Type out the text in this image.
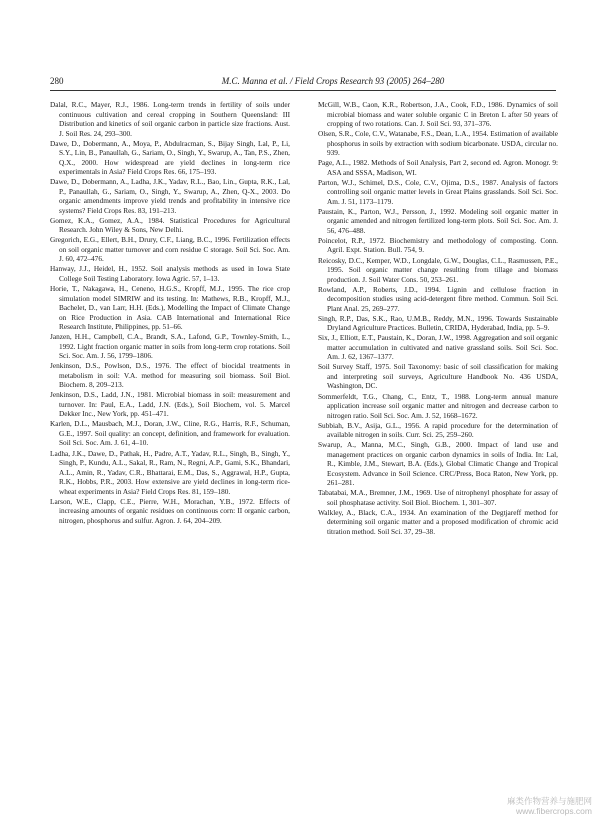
280	M.C. Manna et al. / Field Crops Research 93 (2005) 264–280

Dalal, R.C., Mayer, R.J., 1986. Long-term trends in fertility of soils under continuous cultivation and cereal cropping in Southern Queensland: III Distribution and kinetics of soil organic carbon in particle size fractions. Aust. J. Soil Res. 24, 293–300.

Dawe, D., Dobermann, A., Moya, P., Abdulracman, S., Bijay Singh, Lal, P., Li, S.Y., Lin, B., Panaullah, G., Sariam, O., Singh, Y., Swarup, A., Tan, P.S., Zhen, Q.X., 2000. How widespread are yield declines in long-term rice experimentals in Asia? Field Crops Res. 66, 175–193.

Dawe, D., Dobermann, A., Ladha, J.K., Yadav, R.L., Bao, Lin., Gupta, R.K., Lal, P., Panaullah, G., Sariam, O., Singh, Y., Swarup, A., Zhen, Q-X., 2003. Do organic amendments improve yield trends and profitability in intensive rice systems? Field Crops Res. 83, 191–213.

Gomez, K.A., Gomez, A.A., 1984. Statistical Procedures for Agricultural Research. John Wiley & Sons, New Delhi.

Gregorich, E.G., Ellert, B.H., Drury, C.F., Liang, B.C., 1996. Fertilization effects on soil organic matter turnover and corn residue C storage. Soil Sci. Soc. Am. J. 60, 472–476.

Hanway, J.J., Heidel, H., 1952. Soil analysis methods as used in Iowa State College Soil Testing Laboratory. Iowa Agric. 57, 1–13.

Horie, T., Nakagawa, H., Ceneno, H.G.S., Kropff, M.J., 1995. The rice crop simulation model SIMRIW and its testing. In: Mathews, R.B., Kropff, M.J., Bachelet, D., van Larr, H.H. (Eds.), Modelling the Impact of Climate Change on Rice Production in Asia. CAB International and International Rice Research Institute, Philippines, pp. 51–66.

Janzen, H.H., Campbell, C.A., Brandt, S.A., Lafond, G.P., Townley-Smith, L., 1992. Light fraction organic matter in soils from long-term crop rotations. Soil Sci. Soc. Am. J. 56, 1799–1806.

Jenkinson, D.S., Powlson, D.S., 1976. The effect of biocidal treatments in metabolism in soil: V.A. method for measuring soil biomass. Soil Biol. Biochem. 8, 209–213.

Jenkinson, D.S., Ladd, J.N., 1981. Microbial biomass in soil: measurement and turnover. In: Paul, E.A., Ladd, J.N. (Eds.), Soil Biochem, vol. 5. Marcel Dekker Inc., New York, pp. 451–471.

Karlen, D.L., Mausbach, M.J., Doran, J.W., Cline, R.G., Harris, R.F., Schuman, G.E., 1997. Soil quality: an concept, definition, and framework for evaluation. Soil Sci. Soc. Am. J. 61, 4–10.

Ladha, J.K., Dawe, D., Pathak, H., Padre, A.T., Yadav, R.L., Singh, B., Singh, Y., Singh, P., Kundu, A.L., Sakal, R., Ram, N., Regni, A.P., Gami, S.K., Bhandari, A.L., Amin, R., Yadav, C.R., Bhattarai, E.M., Das, S., Aggrawal, H.P., Gupta, R.K., Hobbs, P.R., 2003. How extensive are yield declines in long-term rice-wheat experiments in Asia? Field Crops Res. 81, 159–180.

Larson, W.E., Clapp, C.E., Pierre, W.H., Morachan, Y.B., 1972. Effects of increasing amounts of organic residues on continuous corn: II organic carbon, nitrogen, phosphorus and sulfur. Agron. J. 64, 204–209.

McGill, W.B., Caon, K.R., Robertson, J.A., Cook, F.D., 1986. Dynamics of soil microbial biomass and water soluble organic C in Breton L after 50 years of cropping of two rotations. Can. J. Soil Sci. 93, 371–376.

Olsen, S.R., Cole, C.V., Watanabe, F.S., Dean, L.A., 1954. Estimation of available phosphorus in soils by extraction with sodium bicarbonate. USDA, circular no. 939.

Page, A.L., 1982. Methods of Soil Analysis, Part 2, second ed. Agron. Monogr. 9: ASA and SSSA, Madison, WI.

Parton, W.J., Schimel, D.S., Cole, C.V., Ojima, D.S., 1987. Analysis of factors controlling soil organic matter levels in Great Plains grasslands. Soil Sci. Soc. Am. J. 51, 1173–1179.

Paustain, K., Parton, W.J., Persson, J., 1992. Modeling soil organic matter in organic amended and nitrogen fertilized long-term plots. Soil Sci. Soc. Am. J. 56, 476–488.

Poincelot, R.P., 1972. Biochemistry and methodology of composting. Conn. Agril. Expt. Station. Bull. 754, 9.

Reicosky, D.C., Kemper, W.D., Longdale, G.W., Douglas, C.L., Rasmussen, P.E., 1995. Soil organic matter change resulting from tillage and biomass production. J. Soil Water Cons. 50, 253–261.

Rowland, A.P., Roberts, J.D., 1994. Lignin and cellulose fraction in decomposition studies using acid-detergent fibre method. Commun. Soil Sci. Plant Anal. 25, 269–277.

Singh, R.P., Das, S.K., Rao, U.M.B., Reddy, M.N., 1996. Towards Sustainable Dryland Agriculture Practices. Bulletin, CRIDA, Hyderabad, India, pp. 5–9.

Six, J., Elliott, E.T., Paustain, K., Doran, J.W., 1998. Aggregation and soil organic matter accumulation in cultivated and native grassland soils. Soil Sci. Soc. Am. J. 62, 1367–1377.

Soil Survey Staff, 1975. Soil Taxonomy: basic of soil classification for making and interpreting soil surveys, Agriculture Handbook No. 436 USDA, Washington, DC.

Sommerfeldt, T.G., Chang, C., Entz, T., 1988. Long-term annual manure application increase soil organic matter and nitrogen and decrease carbon to nitrogen ratio. Soil Sci. Soc. Am. J. 52, 1668–1672.

Subbiah, B.V., Asija, G.L., 1956. A rapid procedure for the determination of available nitrogen in soils. Curr. Sci. 25, 259–260.

Swarup, A., Manna, M.C., Singh, G.B., 2000. Impact of land use and management practices on organic carbon dynamics in soils of India. In: Lal, R., Kimble, J.M., Stewart, B.A. (Eds.), Global Climatic Change and Tropical Ecosystem. Advance in Soil Science. CRC/Press, Boca Raton, New York, pp. 261–281.

Tabatabai, M.A., Bremner, J.M., 1969. Use of nitrophenyl phosphate for assay of soil phosphatase activity. Soil Biol. Biochem. 1, 301–307.

Walkley, A., Black, C.A., 1934. An examination of the Degtjareff method for determining soil organic matter and a proposed modification of chromic acid titration method. Soil Sci. 37, 29–38.

麻类作物营养与施肥网
www.fibercrops.com
